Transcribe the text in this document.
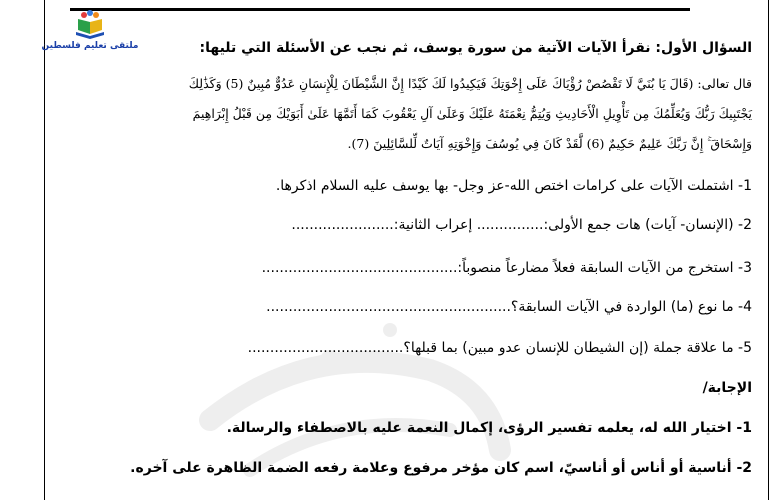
ملتقى تعليم فلسطين	السؤال الأول: نقرأ الآيات الآتية من سورة يوسف، ثم نجب عن الأسئلة التي تليها:
قال تعالى: (قَالَ يَا بُنَيَّ لَا تَقْصُصْ رُؤْيَاكَ عَلَى إِخْوَتِكَ فَيَكِيدُوا لَكَ كَيْدًا إِنَّ الشَّيْطَانَ لِلْإِنسَانِ عَدُوٌّ مُبِينٌ (5) وَكَذَٰلِكَ
يَجْتَبِيكَ رَبُّكَ وَيُعَلِّمُكَ مِن تَأْوِيلِ الْأَحَادِيثِ وَيُتِمُّ نِعْمَتَهُ عَلَيْكَ وَعَلَىٰ آلِ يَعْقُوبَ كَمَا أَتَمَّهَا عَلَىٰ أَبَوَيْكَ مِن قَبْلُ إِبْرَاهِيمَ
وَإِسْحَاقَ ۚ إِنَّ رَبَّكَ عَلِيمٌ حَكِيمٌ (6) لَّقَدْ كَانَ فِي يُوسُفَ وَإِخْوَتِهِ آيَاتٌ لِّلسَّائِلِينَ (7).
1- اشتملت الآيات على كرامات اختص الله-عز وجل- بها يوسف عليه السلام اذكرها.
2- (الإنسان- آيات) هات جمع الأولى:............... إعراب الثانية:.......................
3- استخرج من الآيات السابقة فعلاً مضارعاً منصوباً:............................................
4- ما نوع (ما) الواردة في الآيات السابقة؟.......................................................
5- ما علاقة جملة (إن الشيطان للإنسان عدو مبين) بما قبلها؟...................................
الإجابة/
1- اختيار الله له، يعلمه تفسير الرؤى، إكمال النعمة عليه بالاصطفاء والرسالة.
2- أناسية أو أناس أو أناسيّ، اسم كان مؤخر مرفوع وعلامة رفعه الضمة الظاهرة على آخره.
